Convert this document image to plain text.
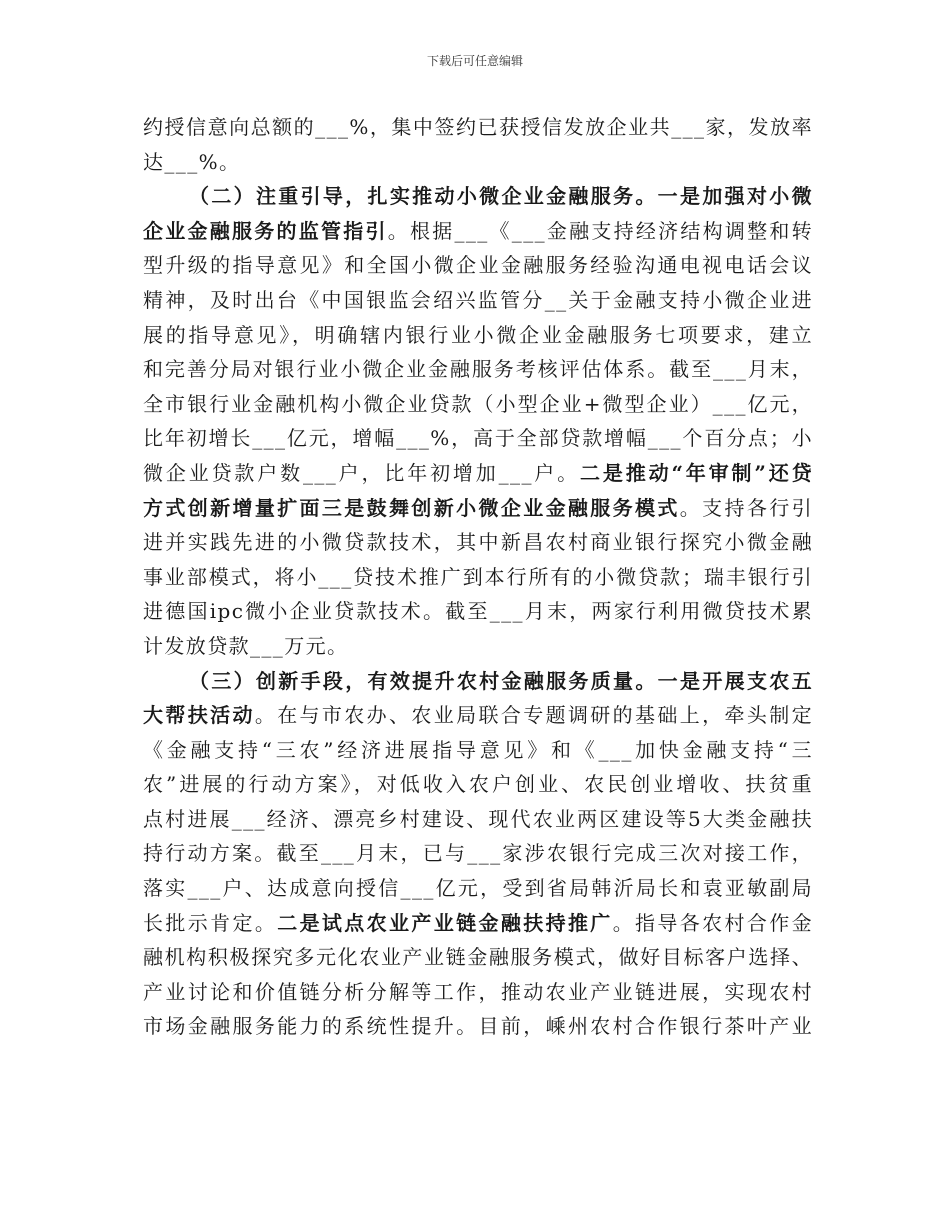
下载后可任意编辑
约授信意向总额的___%，集中签约已获授信发放企业共___家，发放率
达___%。
（二）注重引导，扎实推动小微企业金融服务。一是加强对小微
企业金融服务的监管指引。根据___《___金融支持经济结构调整和转
型升级的指导意见》和全国小微企业金融服务经验沟通电视电话会议
精神，及时出台《中国银监会绍兴监管分__关于金融支持小微企业进
展的指导意见》，明确辖内银行业小微企业金融服务七项要求，建立
和完善分局对银行业小微企业金融服务考核评估体系。截至___月末，
全市银行业金融机构小微企业贷款（小型企业+微型企业）___亿元，
比年初增长___亿元，增幅___%，高于全部贷款增幅___个百分点；小
微企业贷款户数___户，比年初增加___户。二是推动“年审制”还贷
方式创新增量扩面三是鼓舞创新小微企业金融服务模式。支持各行引
进并实践先进的小微贷款技术，其中新昌农村商业银行探究小微金融
事业部模式，将小___贷技术推广到本行所有的小微贷款；瑞丰银行引
进德国ipc微小企业贷款技术。截至___月末，两家行利用微贷技术累
计发放贷款___万元。
（三）创新手段，有效提升农村金融服务质量。一是开展支农五
大帮扶活动。在与市农办、农业局联合专题调研的基础上，牵头制定
《金融支持“三农”经济进展指导意见》和《___加快金融支持“三
农”进展的行动方案》，对低收入农户创业、农民创业增收、扶贫重
点村进展___经济、漂亮乡村建设、现代农业两区建设等5大类金融扶
持行动方案。截至___月末，已与___家涉农银行完成三次对接工作，
落实___户、达成意向授信___亿元，受到省局韩沂局长和袁亚敏副局
长批示肯定。二是试点农业产业链金融扶持推广。指导各农村合作金
融机构积极探究多元化农业产业链金融服务模式，做好目标客户选择、
产业讨论和价值链分析分解等工作，推动农业产业链进展，实现农村
市场金融服务能力的系统性提升。目前，嵊州农村合作银行茶叶产业
